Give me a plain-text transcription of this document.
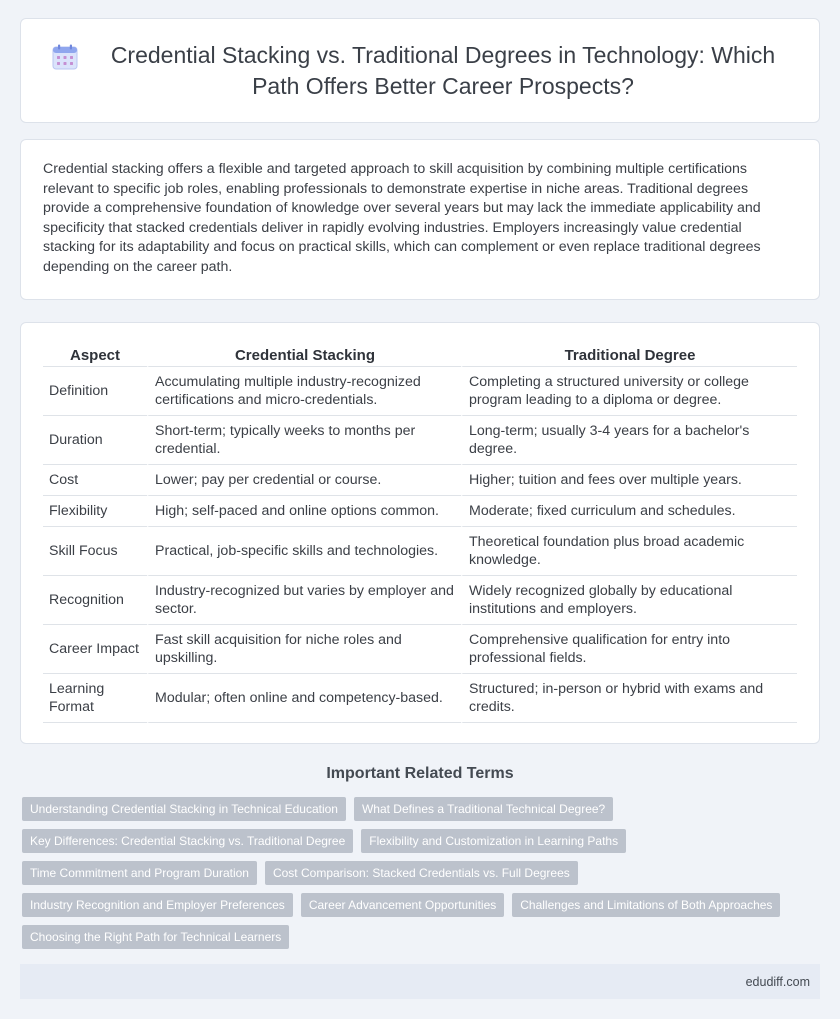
Credential Stacking vs. Traditional Degrees in Technology: Which Path Offers Better Career Prospects?

Credential stacking offers a flexible and targeted approach to skill acquisition by combining multiple certifications relevant to specific job roles, enabling professionals to demonstrate expertise in niche areas. Traditional degrees provide a comprehensive foundation of knowledge over several years but may lack the immediate applicability and specificity that stacked credentials deliver in rapidly evolving industries. Employers increasingly value credential stacking for its adaptability and focus on practical skills, which can complement or even replace traditional degrees depending on the career path.

Aspect	Credential Stacking	Traditional Degree
Definition	Accumulating multiple industry-recognized certifications and micro-credentials.	Completing a structured university or college program leading to a diploma or degree.
Duration	Short-term; typically weeks to months per credential.	Long-term; usually 3-4 years for a bachelor's degree.
Cost	Lower; pay per credential or course.	Higher; tuition and fees over multiple years.
Flexibility	High; self-paced and online options common.	Moderate; fixed curriculum and schedules.
Skill Focus	Practical, job-specific skills and technologies.	Theoretical foundation plus broad academic knowledge.
Recognition	Industry-recognized but varies by employer and sector.	Widely recognized globally by educational institutions and employers.
Career Impact	Fast skill acquisition for niche roles and upskilling.	Comprehensive qualification for entry into professional fields.
Learning Format	Modular; often online and competency-based.	Structured; in-person or hybrid with exams and credits.
Important Related Terms
Understanding Credential Stacking in Technical Education	What Defines a Traditional Technical Degree?
Key Differences: Credential Stacking vs. Traditional Degree	Flexibility and Customization in Learning Paths
Time Commitment and Program Duration	Cost Comparison: Stacked Credentials vs. Full Degrees
Industry Recognition and Employer Preferences	Career Advancement Opportunities	Challenges and Limitations of Both Approaches
Choosing the Right Path for Technical Learners
edudiff.com
